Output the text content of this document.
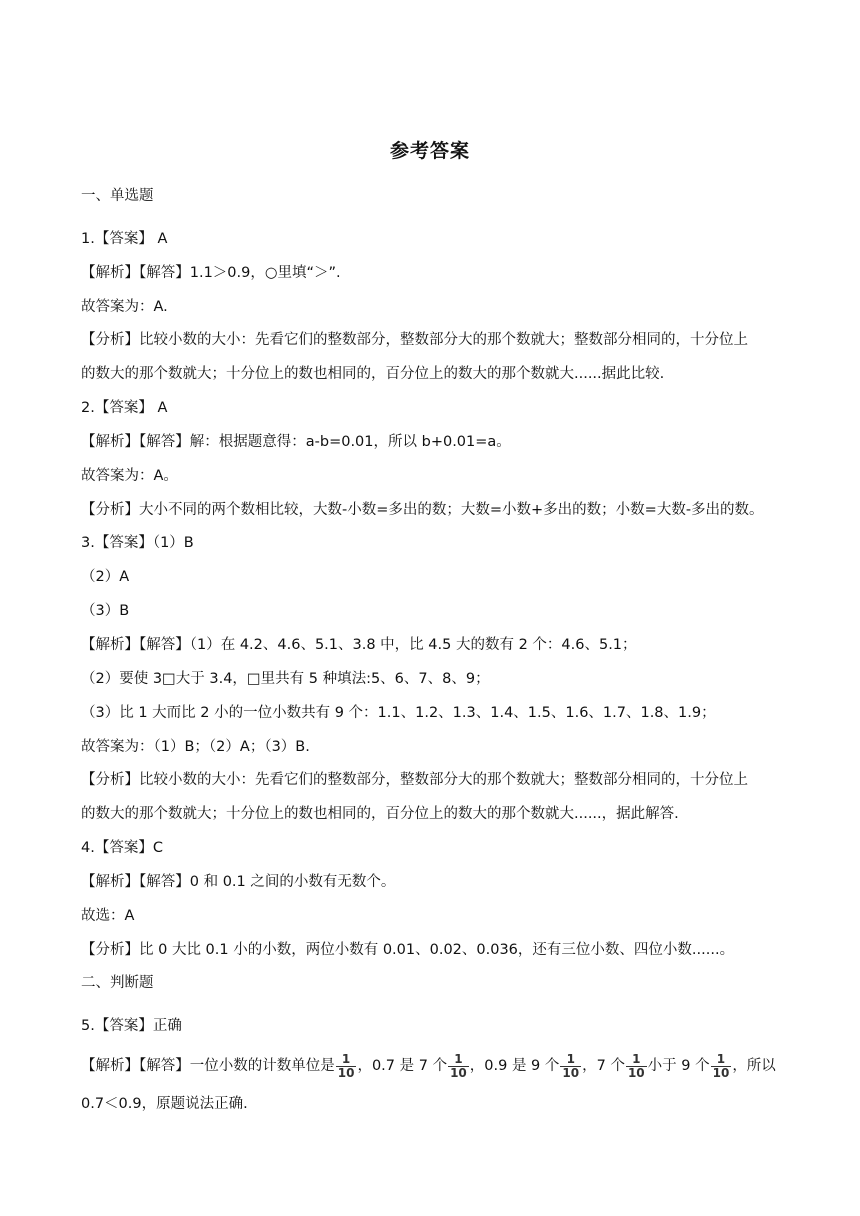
参考答案
一、单选题
1.【答案】 A
【解析】【解答】1.1＞0.9，○里填“＞”.
故答案为：A.
【分析】比较小数的大小：先看它们的整数部分，整数部分大的那个数就大；整数部分相同的，十分位上
的数大的那个数就大；十分位上的数也相同的，百分位上的数大的那个数就大......据此比较.
2.【答案】 A
【解析】【解答】解：根据题意得：a-b=0.01，所以 b+0.01=a。
故答案为：A。
【分析】大小不同的两个数相比较，大数-小数=多出的数；大数=小数+多出的数；小数=大数-多出的数。
3.【答案】（1）B
（2）A
（3）B
【解析】【解答】（1）在 4.2、4.6、5.1、3.8 中，比 4.5 大的数有 2 个：4.6、5.1；
（2）要使 3□大于 3.4，□里共有 5 种填法:5、6、7、8、9；
（3）比 1 大而比 2 小的一位小数共有 9 个：1.1、1.2、1.3、1.4、1.5、1.6、1.7、1.8、1.9；
故答案为：（1）B；（2）A；（3）B.
【分析】比较小数的大小：先看它们的整数部分，整数部分大的那个数就大；整数部分相同的，十分位上
的数大的那个数就大；十分位上的数也相同的，百分位上的数大的那个数就大......，据此解答.
4.【答案】C
【解析】【解答】0 和 0.1 之间的小数有无数个。
故选：A
【分析】比 0 大比 0.1 小的小数，两位小数有 0.01、0.02、0.036，还有三位小数、四位小数......。
二、判断题
5.【答案】正确
【解析】【解答】一位小数的计数单位是 $\frac{1}{10}$ ，0.7 是 7 个 $\frac{1}{10}$ ，0.9 是 9 个 $\frac{1}{10}$ ，7 个 $\frac{1}{10}$ 小于 9 个 $\frac{1}{10}$ ，所以
0.7＜0.9，原题说法正确.
